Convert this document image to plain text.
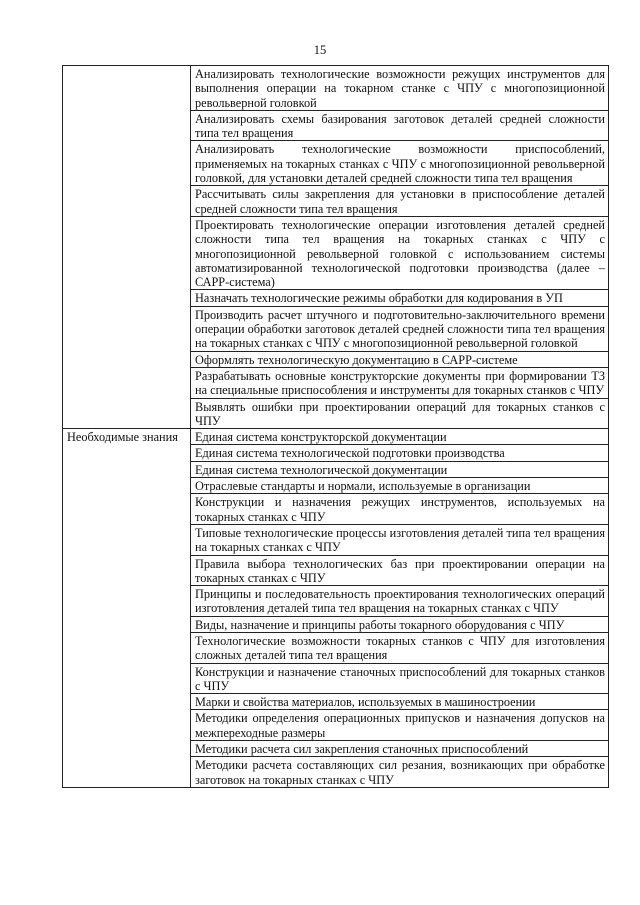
15
	Анализировать технологические возможности режущих инструментов для выполнения операции на токарном станке с ЧПУ с многопозиционной револьверной головкой
	Анализировать схемы базирования заготовок деталей средней сложности типа тел вращения
	Анализировать технологические возможности приспособлений, применяемых на токарных станках с ЧПУ с многопозиционной револьверной головкой, для установки деталей средней сложности типа тел вращения
	Рассчитывать силы закрепления для установки в приспособление деталей средней сложности типа тел вращения
	Проектировать технологические операции изготовления деталей средней сложности типа тел вращения на токарных станках с ЧПУ с многопозиционной револьверной головкой с использованием системы автоматизированной технологической подготовки производства (далее – САРР-система)
	Назначать технологические режимы обработки для кодирования в УП
	Производить расчет штучного и подготовительно-заключительного времени операции обработки заготовок деталей средней сложности типа тел вращения на токарных станках с ЧПУ с многопозиционной револьверной головкой
	Оформлять технологическую документацию в САРР-системе
	Разрабатывать основные конструкторские документы при формировании ТЗ на специальные приспособления и инструменты для токарных станков с ЧПУ
	Выявлять ошибки при проектировании операций для токарных станков с ЧПУ
Необходимые знания	Единая система конструкторской документации
	Единая система технологической подготовки производства
	Единая система технологической документации
	Отраслевые стандарты и нормали, используемые в организации
	Конструкции и назначения режущих инструментов, используемых на токарных станках с ЧПУ
	Типовые технологические процессы изготовления деталей типа тел вращения на токарных станках с ЧПУ
	Правила выбора технологических баз при проектировании операции на токарных станках с ЧПУ
	Принципы и последовательность проектирования технологических операций изготовления деталей типа тел вращения на токарных станках с ЧПУ
	Виды, назначение и принципы работы токарного оборудования с ЧПУ
	Технологические возможности токарных станков с ЧПУ для изготовления сложных деталей типа тел вращения
	Конструкции и назначение станочных приспособлений для токарных станков с ЧПУ
	Марки и свойства материалов, используемых в машиностроении
	Методики определения операционных припусков и назначения допусков на межпереходные размеры
	Методики расчета сил закрепления станочных приспособлений
	Методики расчета составляющих сил резания, возникающих при обработке заготовок на токарных станках с ЧПУ
